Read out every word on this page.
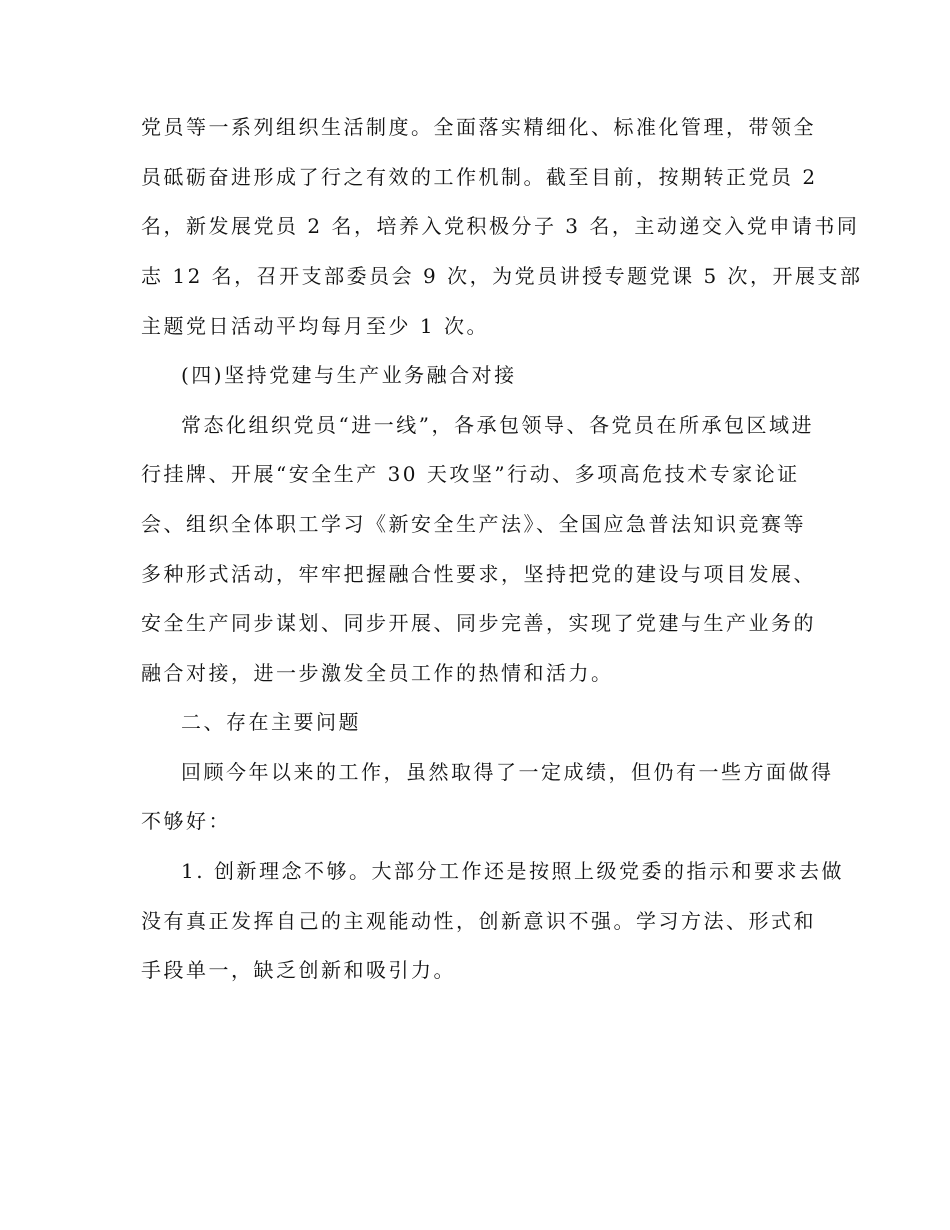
党员等一系列组织生活制度。全面落实精细化、标准化管理，带领全
员砥砺奋进形成了行之有效的工作机制。截至目前，按期转正党员 2
名，新发展党员 2 名，培养入党积极分子 3 名，主动递交入党申请书同
志 12 名，召开支部委员会 9 次，为党员讲授专题党课 5 次，开展支部
主题党日活动平均每月至少 1 次。
(四)坚持党建与生产业务融合对接
常态化组织党员“进一线”，各承包领导、各党员在所承包区域进
行挂牌、开展“安全生产 30 天攻坚”行动、多项高危技术专家论证
会、组织全体职工学习《新安全生产法》、全国应急普法知识竞赛等
多种形式活动，牢牢把握融合性要求，坚持把党的建设与项目发展、
安全生产同步谋划、同步开展、同步完善，实现了党建与生产业务的
融合对接，进一步激发全员工作的热情和活力。
二、存在主要问题
回顾今年以来的工作，虽然取得了一定成绩，但仍有一些方面做得
不够好：
1. 创新理念不够。大部分工作还是按照上级党委的指示和要求去做
没有真正发挥自己的主观能动性，创新意识不强。学习方法、形式和
手段单一，缺乏创新和吸引力。
